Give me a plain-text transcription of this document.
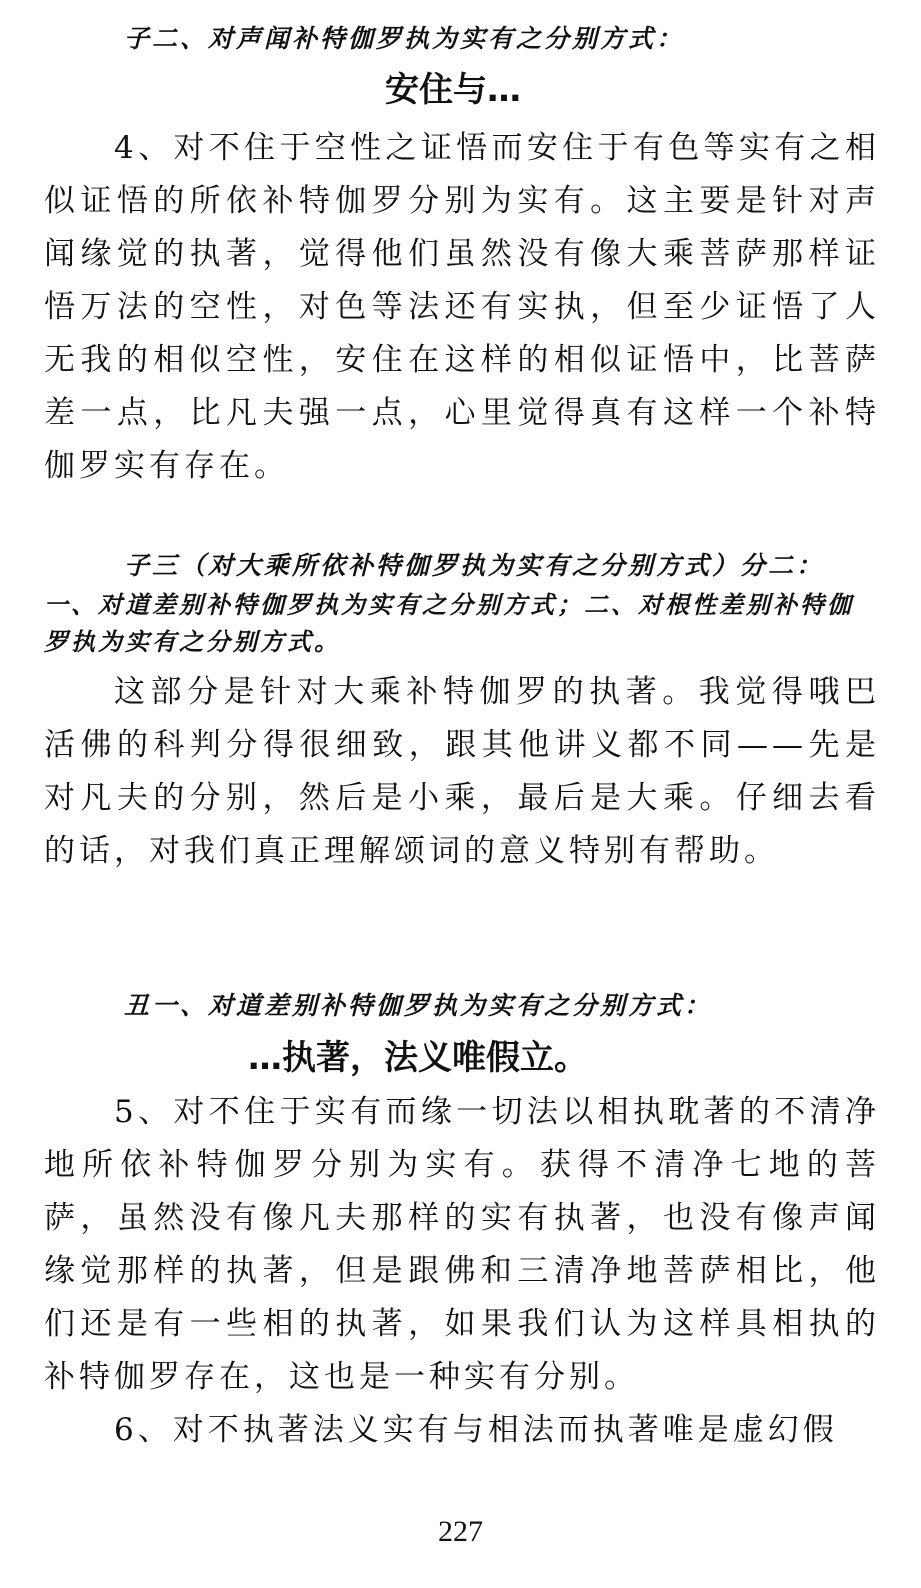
子二、对声闻补特伽罗执为实有之分别方式：
安住与…

4、对不住于空性之证悟而安住于有色等实有之相似证悟的所依补特伽罗分别为实有。这主要是针对声闻缘觉的执著，觉得他们虽然没有像大乘菩萨那样证悟万法的空性，对色等法还有实执，但至少证悟了人无我的相似空性，安住在这样的相似证悟中，比菩萨差一点，比凡夫强一点，心里觉得真有这样一个补特伽罗实有存在。

子三（对大乘所依补特伽罗执为实有之分别方式）分二：

一、对道差别补特伽罗执为实有之分别方式；二、对根性差别补特伽罗执为实有之分别方式。

这部分是针对大乘补特伽罗的执著。我觉得哦巴活佛的科判分得很细致，跟其他讲义都不同——先是对凡夫的分别，然后是小乘，最后是大乘。仔细去看的话，对我们真正理解颂词的意义特别有帮助。

丑一、对道差别补特伽罗执为实有之分别方式：
…执著，法义唯假立。

5、对不住于实有而缘一切法以相执耽著的不清净地所依补特伽罗分别为实有。获得不清净七地的菩萨，虽然没有像凡夫那样的实有执著，也没有像声闻缘觉那样的执著，但是跟佛和三清净地菩萨相比，他们还是有一些相的执著，如果我们认为这样具相执的补特伽罗存在，这也是一种实有分别。

6、对不执著法义实有与相法而执著唯是虚幻假

227
